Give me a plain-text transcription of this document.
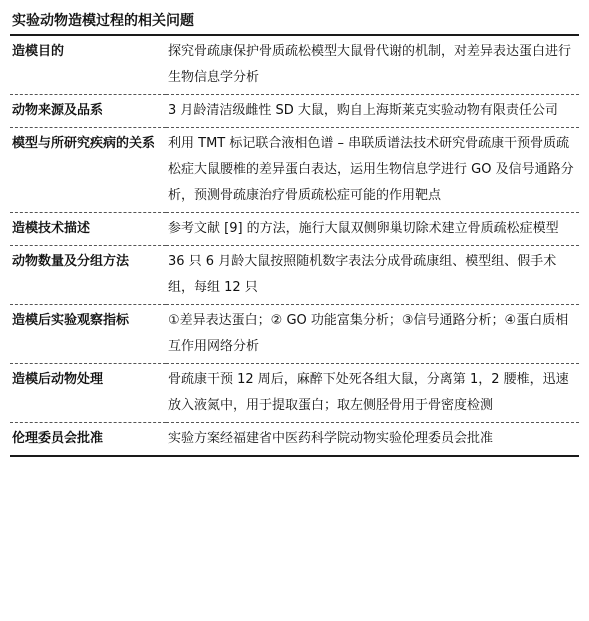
实验动物造模过程的相关问题
造模目的	探究骨疏康保护骨质疏松模型大鼠骨代谢的机制，对差异表达蛋白进行生物信息学分析
动物来源及品系	3 月龄清洁级雌性 SD 大鼠，购自上海斯莱克实验动物有限责任公司
模型与所研究疾病的关系	利用 TMT 标记联合液相色谱 – 串联质谱法技术研究骨疏康干预骨质疏松症大鼠腰椎的差异蛋白表达，运用生物信息学进行 GO 及信号通路分析，预测骨疏康治疗骨质疏松症可能的作用靶点
造模技术描述	参考文献 [9] 的方法，施行大鼠双侧卵巢切除术建立骨质疏松症模型
动物数量及分组方法	36 只 6 月龄大鼠按照随机数字表法分成骨疏康组、模型组、假手术组，每组 12 只
造模后实验观察指标	①差异表达蛋白；② GO 功能富集分析；③信号通路分析；④蛋白质相互作用网络分析
造模后动物处理	骨疏康干预 12 周后，麻醉下处死各组大鼠，分离第 1，2 腰椎，迅速放入液氮中，用于提取蛋白；取左侧胫骨用于骨密度检测
伦理委员会批准	实验方案经福建省中医药科学院动物实验伦理委员会批准
